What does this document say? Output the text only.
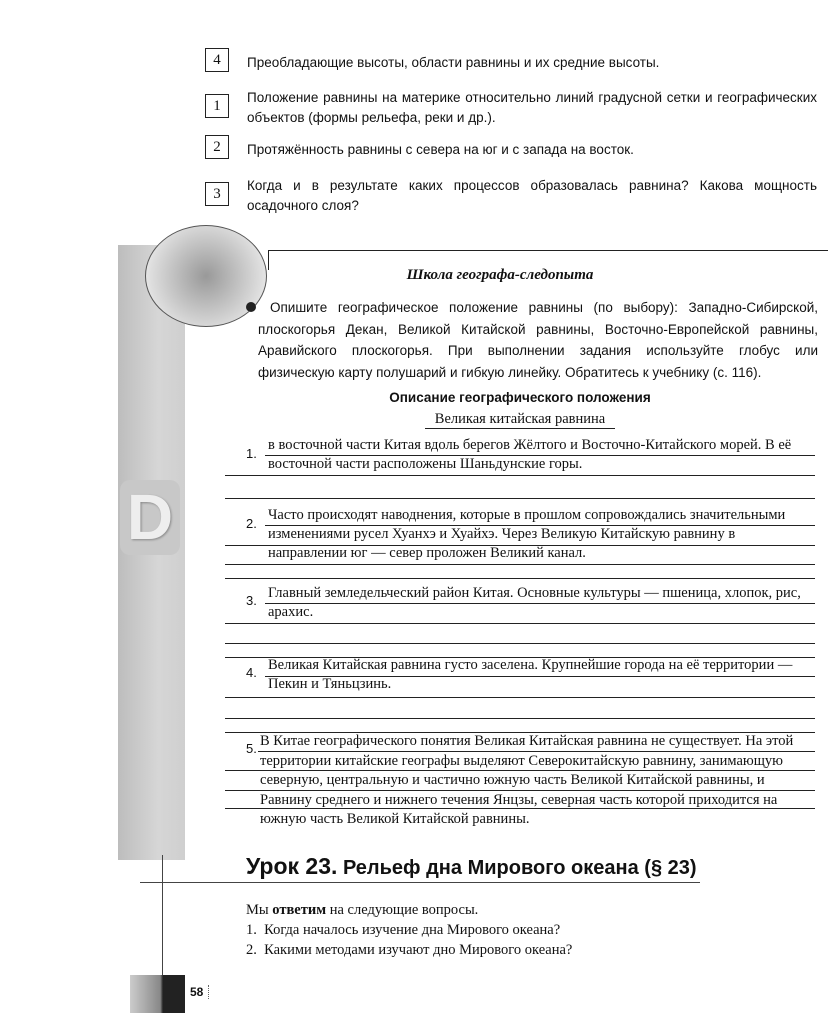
4	Преобладающие высоты, области равнины и их средние высоты.
1
Положение равнины на материке относительно линий градусной сетки и географических объектов (формы рельефа, реки и др.).
2	Протяжённость равнины с севера на юг и с запада на восток.
3
Когда и в результате каких процессов образовалась равнина? Какова мощность осадочного слоя?
D
Школа географа-следопыта
Опишите географическое положение равнины (по выбору): Западно-Сибирской, плоскогорья Декан, Великой Китайской равнины, Восточно-Европейской равнины, Аравийского плоскогорья. При выполнении задания используйте глобус или физическую карту полушарий и гибкую линейку. Обратитесь к учебнику (с. 116).
Описание географического положения
Великая китайская равнина
1.
в восточной части Китая вдоль берегов Жёлтого и Восточно-Китайского морей. В её восточной части расположены Шаньдунские горы.
2.
Часто происходят наводнения, которые в прошлом сопровождались значительными изменениями русел Хуанхэ и Хуайхэ. Через Великую Китайскую равнину в направлении юг — север проложен Великий канал.
3. Главный земледельческий район Китая. Основные культуры — пшеница, хлопок, рис, арахис.
4. Великая Китайская равнина густо заселена. Крупнейшие города на её территории — Пекин и Тяньцзинь.
5. В Китае географического понятия Великая Китайская равнина не существует. На этой территории китайские географы выделяют Северокитайскую равнину, занимающую северную, центральную и частично южную часть Великой Китайской равнины, и Равнину среднего и нижнего течения Янцзы, северная часть которой приходится на южную часть Великой Китайской равнины.
Урок 23. Рельеф дна Мирового океана (§ 23)
Мы ответим на следующие вопросы.
1.  Когда началось изучение дна Мирового океана?
2.  Какими методами изучают дно Мирового океана?
58
